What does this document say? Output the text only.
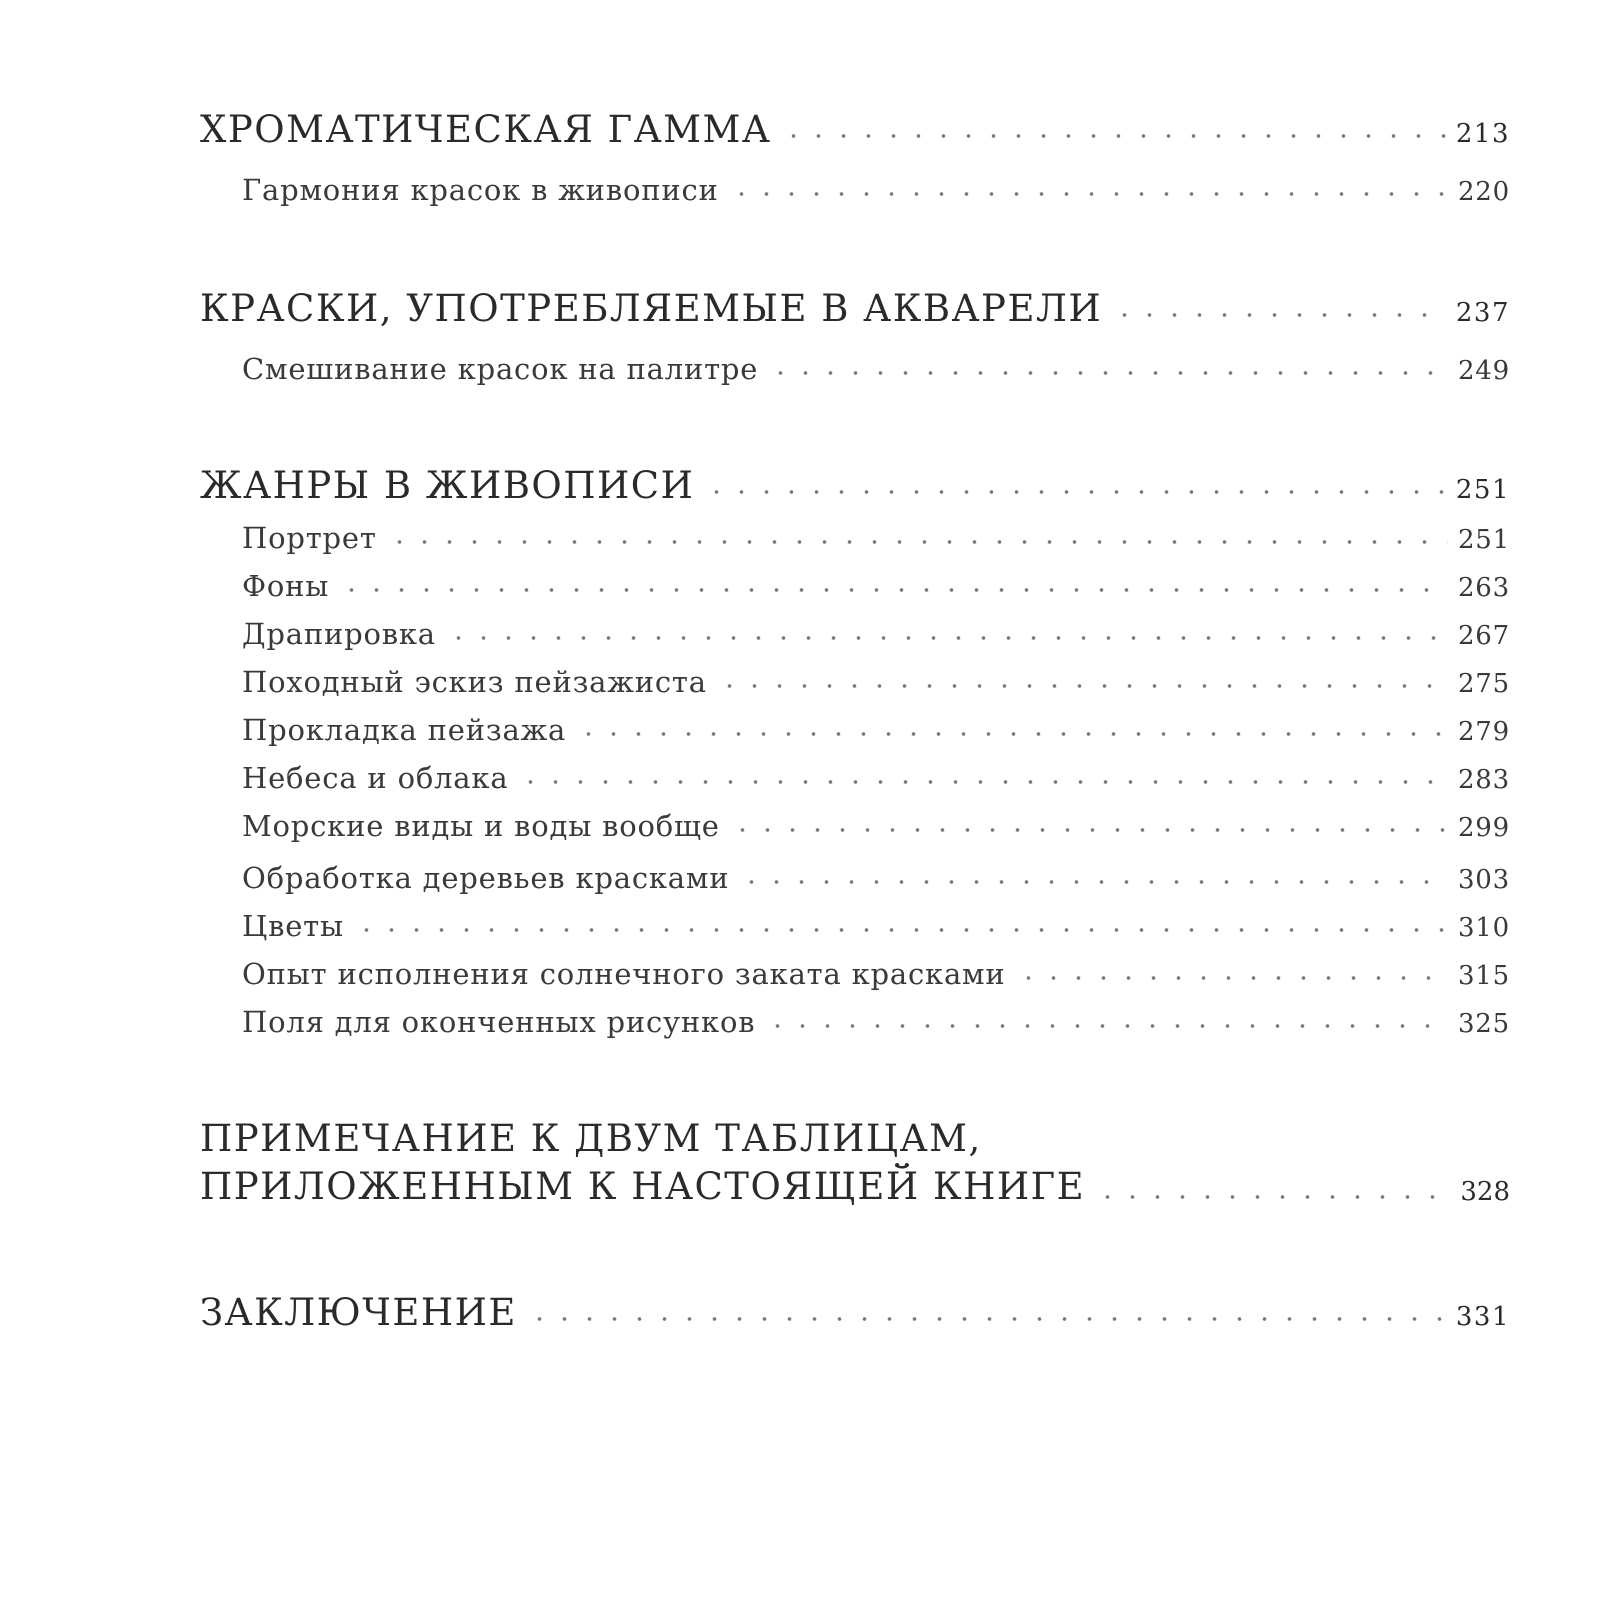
ХРОМАТИЧЕСКАЯ ГАММА	213
Гармония красок в живописи	220
КРАСКИ, УПОТРЕБЛЯЕМЫЕ В АКВАРЕЛИ	237
Смешивание красок на палитре	249
ЖАНРЫ В ЖИВОПИСИ	251
Портрет	251
Фоны	263
Драпировка	267
Походный эскиз пейзажиста	275
Прокладка пейзажа	279
Небеса и облака	283
Морские виды и воды вообще	299
Обработка деревьев красками	303
Цветы	310
Опыт исполнения солнечного заката красками	315
Поля для оконченных рисунков	325
ПРИМЕЧАНИЕ К ДВУМ ТАБЛИЦАМ,
ПРИЛОЖЕННЫМ К НАСТОЯЩЕЙ КНИГЕ	328
ЗАКЛЮЧЕНИЕ	331
